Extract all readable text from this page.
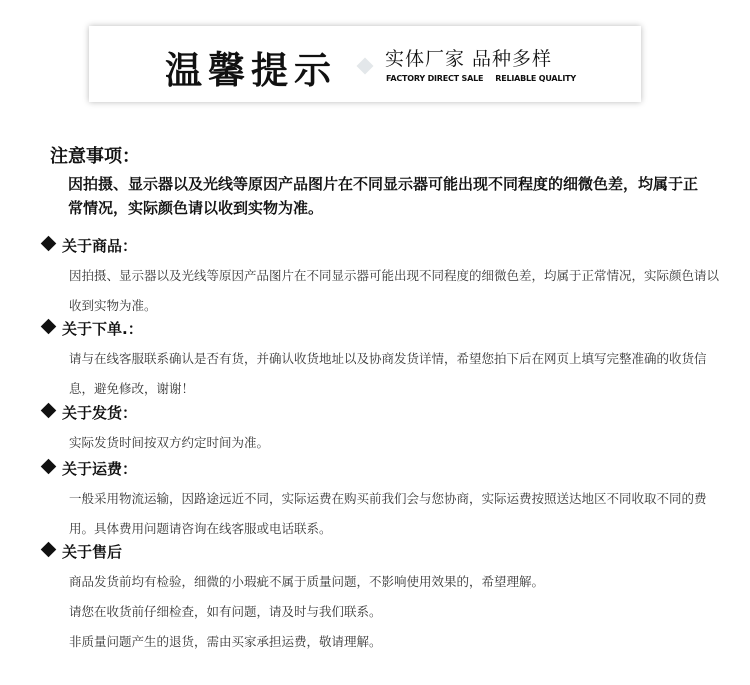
温馨提示	实体厂家 品种多样
FACTORY DIRECT SALE RELIABLE QUALITY
注意事项：
因拍摄、显示器以及光线等原因产品图片在不同显示器可能出现不同程度的细微色差，均属于正常情况，实际颜色请以收到实物为准。
关于商品：

因拍摄、显示器以及光线等原因产品图片在不同显示器可能出现不同程度的细微色差，均属于正常情况，实际颜色请以收到实物为准。

关于下单.：

请与在线客服联系确认是否有货，并确认收货地址以及协商发货详情，希望您拍下后在网页上填写完整准确的收货信息，避免修改，谢谢！

关于发货：

实际发货时间按双方约定时间为准。

关于运费：

一般采用物流运输，因路途远近不同，实际运费在购买前我们会与您协商，实际运费按照送达地区不同收取不同的费用。具体费用问题请咨询在线客服或电话联系。

关于售后

商品发货前均有检验，细微的小瑕疵不属于质量问题，不影响使用效果的，希望理解。

请您在收货前仔细检查，如有问题，请及时与我们联系。

非质量问题产生的退货，需由买家承担运费，敬请理解。
